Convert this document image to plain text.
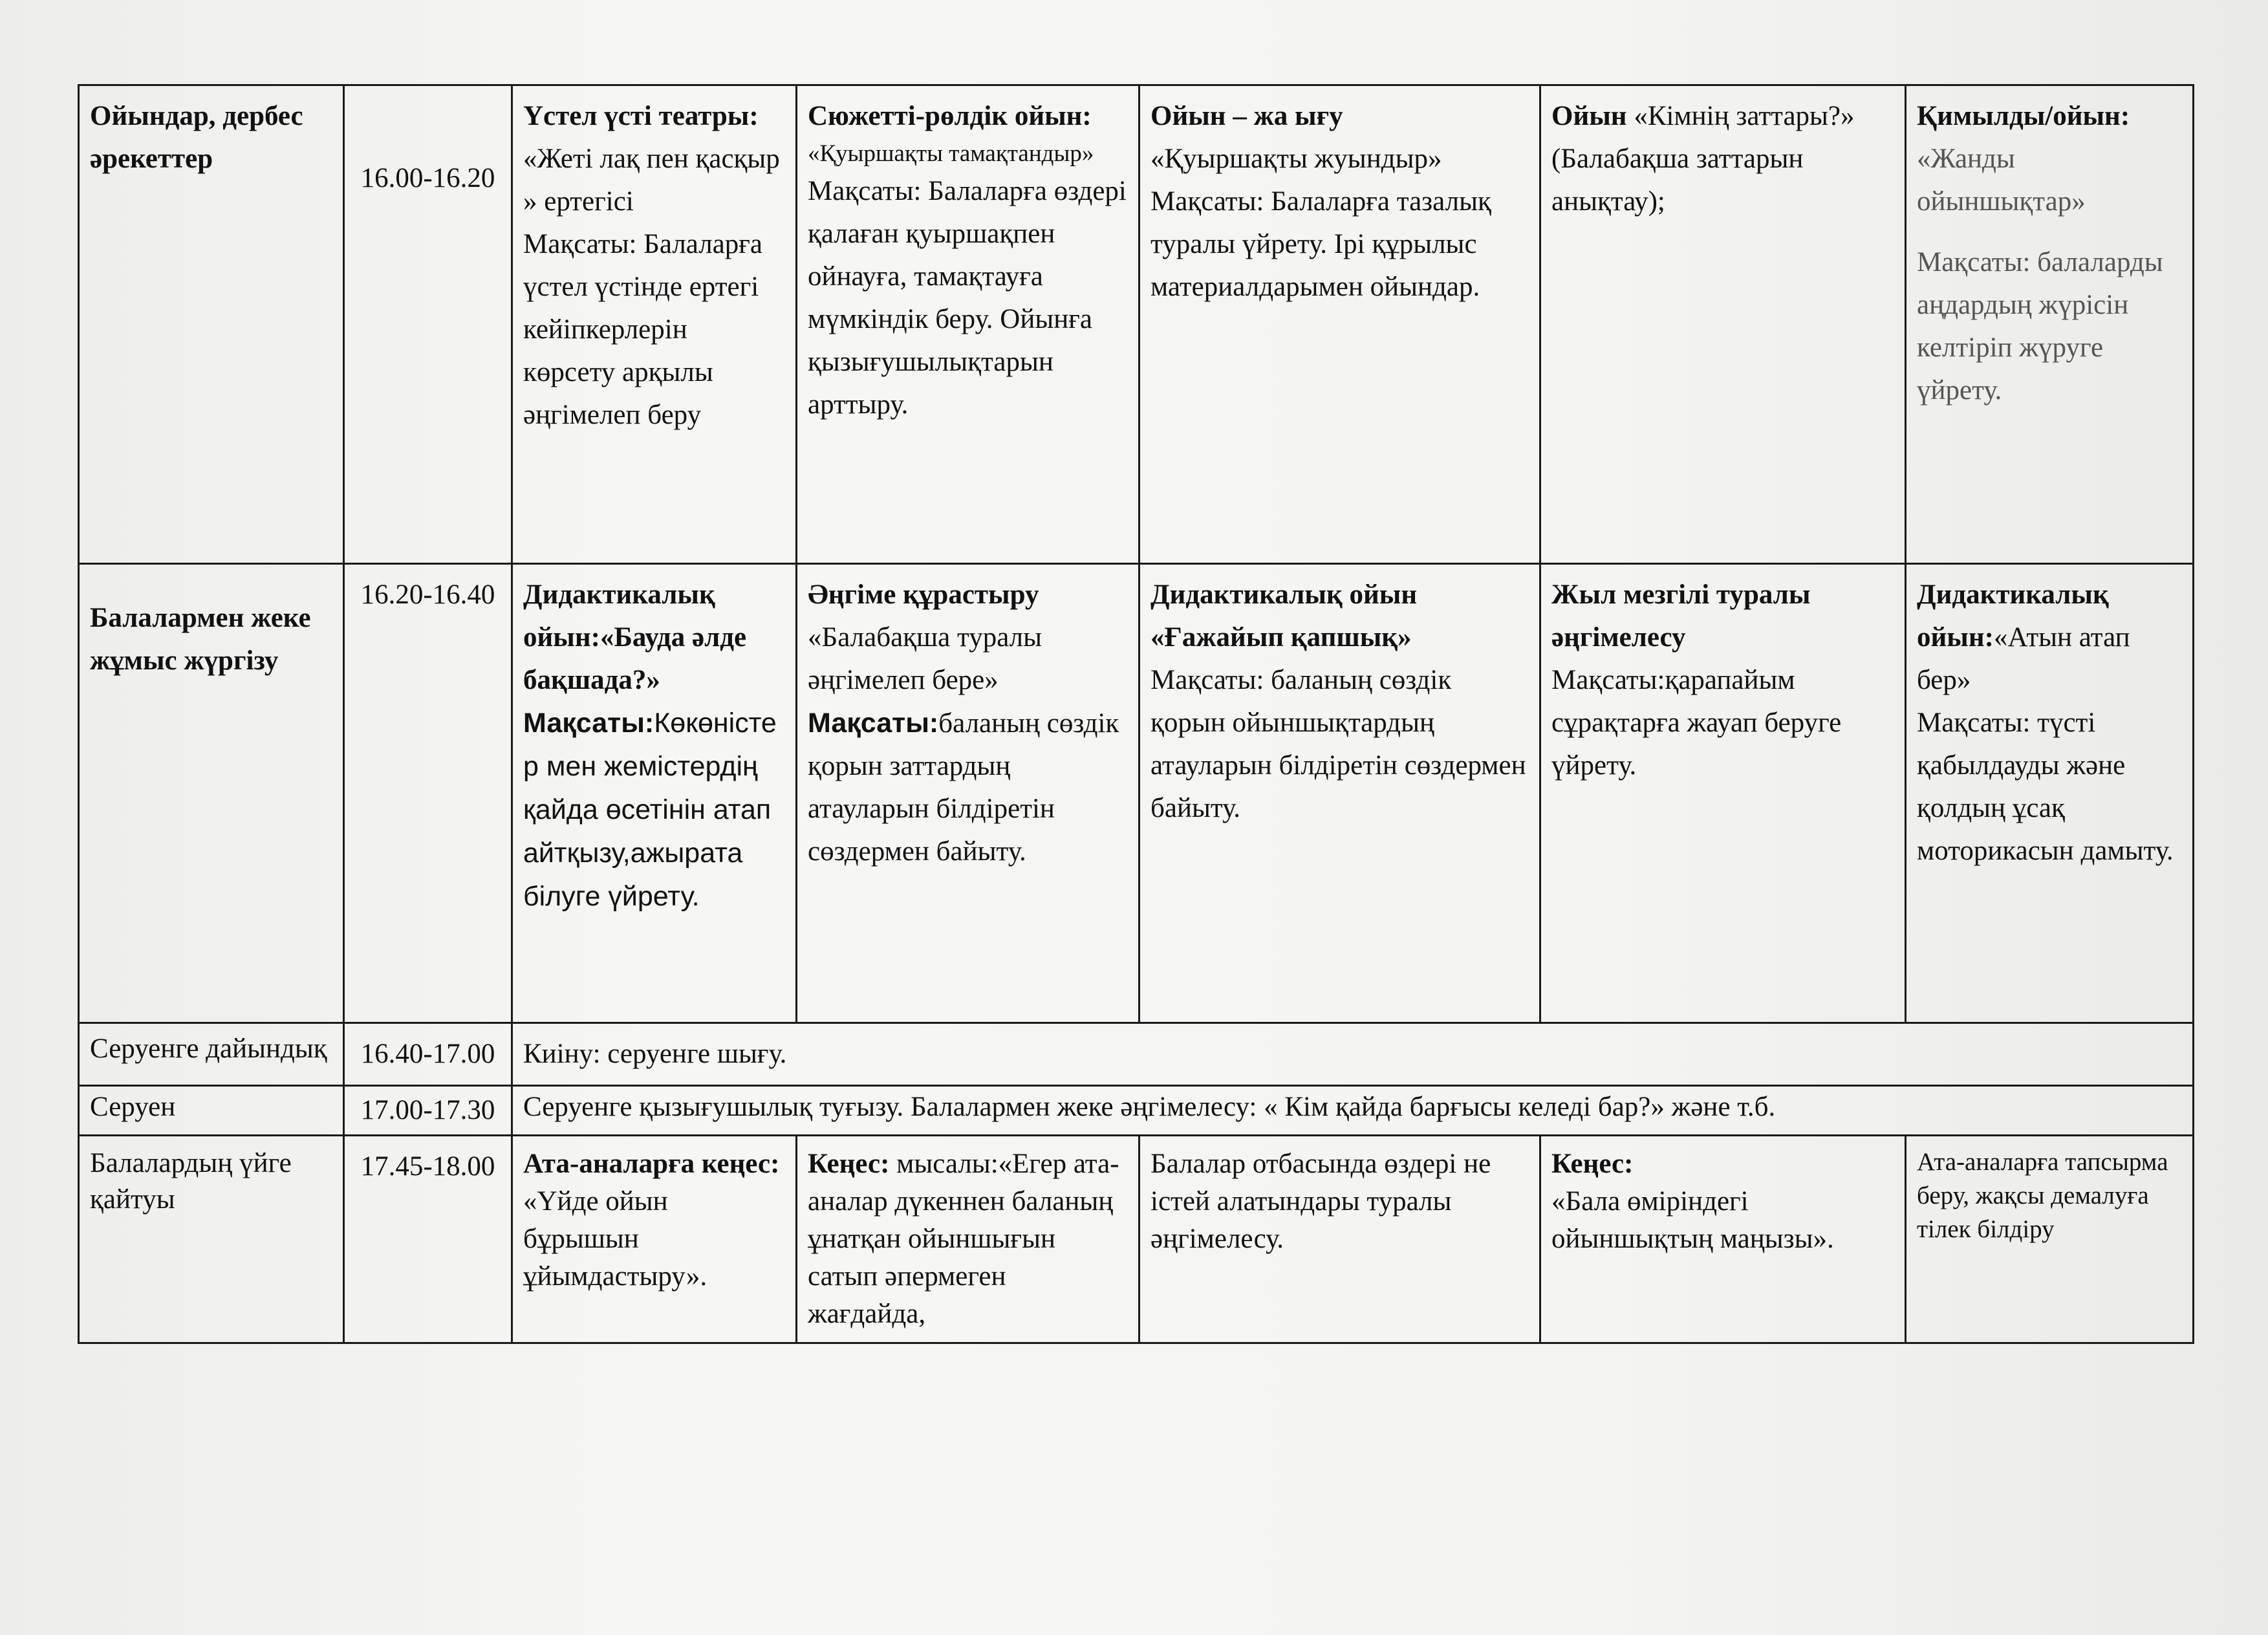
Ойындар, дербес әрекеттер	16.00-16.20	Үстел үсті театры:
«Жеті лақ пен қасқыр » ертегісі
Мақсаты: Балаларға үстел үстінде ертегі кейіпкерлерін көрсету арқылы әңгімелеп беру	Сюжетті-рөлдік ойын:
«Қуыршақты тамақтандыр»
Мақсаты: Балаларға өздері қалаған қуыршақпен ойнауға, тамақтауға мүмкіндік беру. Ойынға қызығушылықтарын арттыру.	Ойын – жа ығу
«Қуыршақты жуындыр»
Мақсаты: Балаларға тазалық туралы үйрету. Ірі құрылыс материалдарымен ойындар.	Ойын «Кімнің заттары?» (Балабақша заттарын анықтау);	Қимылды/ойын:
«Жанды ойыншықтар»
Мақсаты: балаларды аңдардың жүрісін келтіріп жүруге үйрету.

Балалармен жеке жұмыс жүргізу	16.20-16.40	Дидактикалық ойын:«Бауда әлде бақшада?»
Мақсаты:Көкөністер мен жемістердің қайда өсетінін атап айтқызу,ажырата білуге үйрету.	Әңгіме құрастыру
«Балабақша туралы әңгімелеп бере»
Мақсаты:баланың сөздік қорын заттардың атауларын білдіретін сөздермен байыту.	Дидактикалық ойын «Ғажайып қапшық»
Мақсаты: баланың сөздік қорын ойыншықтардың атауларын білдіретін сөздермен байыту.	Жыл мезгілі туралы әңгімелесу
Мақсаты:қарапайым сұрақтарға жауап беруге үйрету.	Дидактикалық ойын:«Атын атап бер»
Мақсаты: түсті қабылдауды және қолдың ұсақ моторикасын дамыту.

Серуенге дайындық	16.40-17.00	Киіну: серуенге шығу.				
Серуен	17.00-17.30	Серуенге қызығушылық туғызу. Балалармен жеке әңгімелесу: « Кім қайда барғысы келеді бар?» және т.б.				
Балалардың үйге қайтуы	17.45-18.00	Ата-аналарға кеңес:
«Үйде ойын бұрышын ұйымдастыру».	Кеңес: мысалы:«Егер ата-аналар дүкеннен баланың ұнатқан ойыншығын сатып әпермеген жағдайда,	Балалар отбасында өздері не істей алатындары туралы әңгімелесу.	Кеңес:
«Бала өміріндегі ойыншықтың маңызы».	Ата-аналарға тапсырма беру, жақсы демалуға тілек білдіру
